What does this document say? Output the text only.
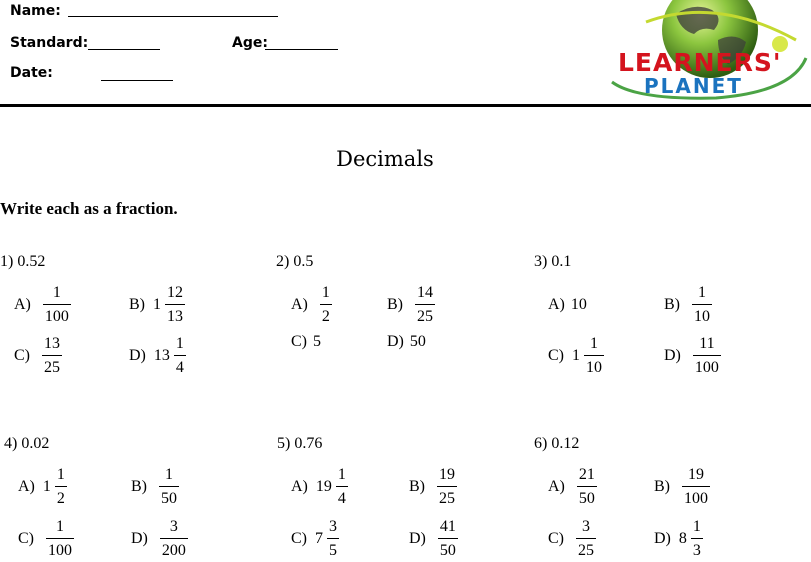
Name:
Standard:	Age:
Date:	LEARNERS'
PLANET
Decimals
Write each as a fraction.
1) 0.52
$A) \frac{1}{100}$	B) $1 \frac{12}{13}$
$C) \frac{13}{25}$	D) $13 \frac{1}{4}$
2) 0.5
$A) \frac{1}{2}$	$B) \frac{14}{25}$
C) 5	D) 50
3) 0.1
A) 10	$B) \frac{1}{10}$
C) $1 \frac{1}{10}$	$D) \frac{11}{100}$
4) 0.02
A) $1 \frac{1}{2}$	$B) \frac{1}{50}$
$C) \frac{1}{100}$	$D) \frac{3}{200}$
5) 0.76
A) $19 \frac{1}{4}$	$B) \frac{19}{25}$
C) $7 \frac{3}{5}$	$D) \frac{41}{50}$
6) 0.12
$A) \frac{21}{50}$	$B) \frac{19}{100}$
$C) \frac{3}{25}$	D) $8 \frac{1}{3}$
